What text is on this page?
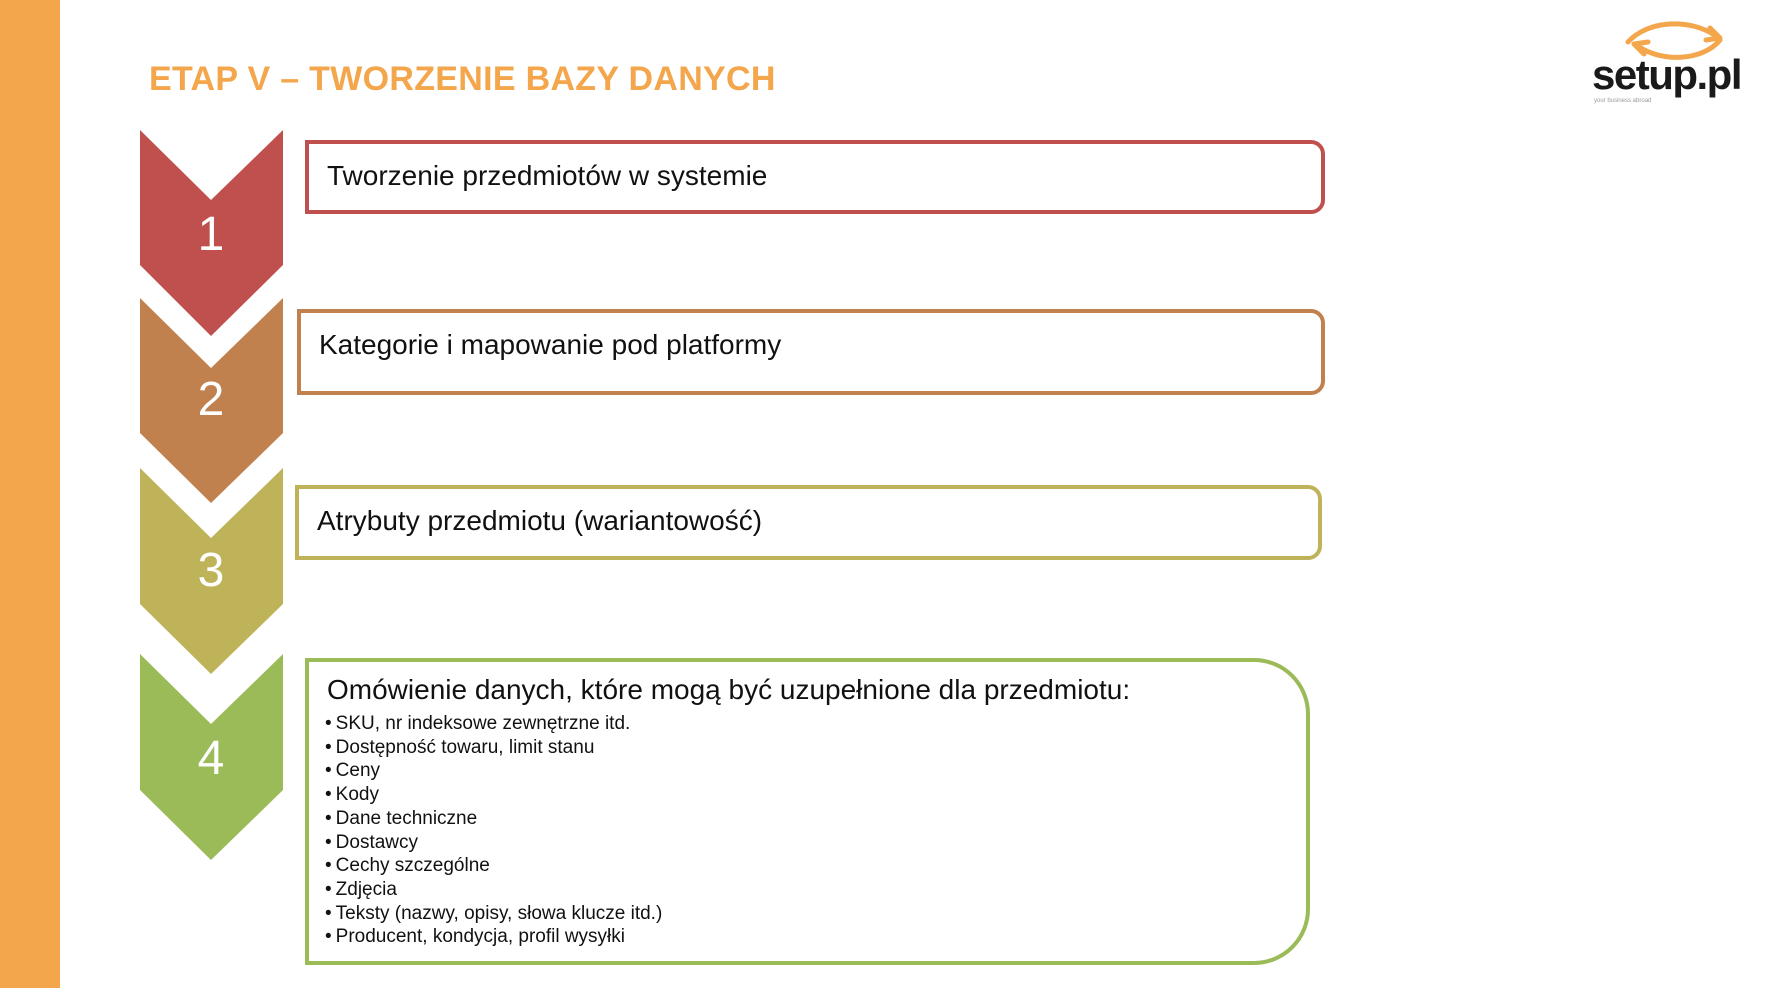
ETAP V – TWORZENIE BAZY DANYCH	setup.pl
your business abroad
1
2
3
4
Tworzenie przedmiotów w systemie
Kategorie i mapowanie pod platformy
Atrybuty przedmiotu (wariantowość)
Omówienie danych, które mogą być uzupełnione dla przedmiotu:
• SKU, nr indeksowe zewnętrzne itd.
• Dostępność towaru, limit stanu
• Ceny
• Kody
• Dane techniczne
• Dostawcy
• Cechy szczególne
• Zdjęcia
• Teksty (nazwy, opisy, słowa klucze itd.)
• Producent, kondycja, profil wysyłki
